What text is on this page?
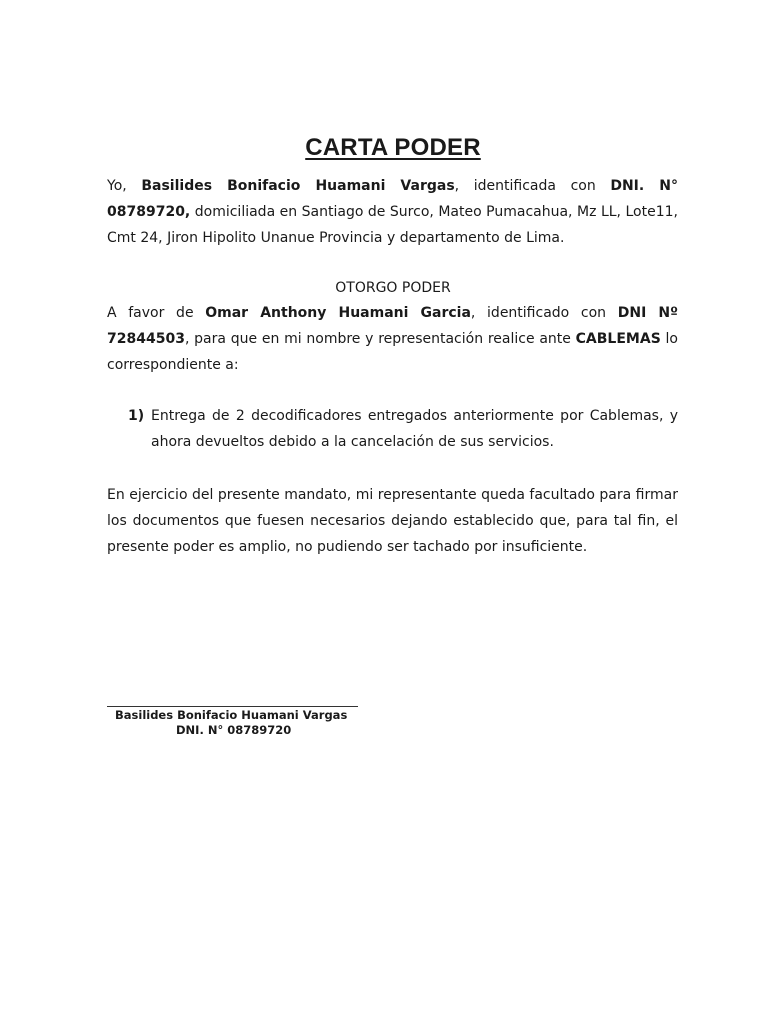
CARTA PODER

Yo, Basilides Bonifacio Huamani Vargas, identificada con DNI. N° 08789720, domiciliada en Santiago de Surco, Mateo Pumacahua, Mz LL, Lote11, Cmt 24, Jiron Hipolito Unanue Provincia y departamento de Lima.

OTORGO PODER

A favor de Omar Anthony Huamani Garcia, identificado con DNI Nº 72844503, para que en mi nombre y representación realice ante CABLEMAS lo correspondiente a:

1) Entrega de 2 decodificadores entregados anteriormente por Cablemas, y ahora devueltos debido a la cancelación de sus servicios.

En ejercicio del presente mandato, mi representante queda facultado para firmar los documentos que fuesen necesarios dejando establecido que, para tal fin, el presente poder es amplio, no pudiendo ser tachado por insuficiente.

Basilides Bonifacio Huamani Vargas
DNI. N° 08789720
